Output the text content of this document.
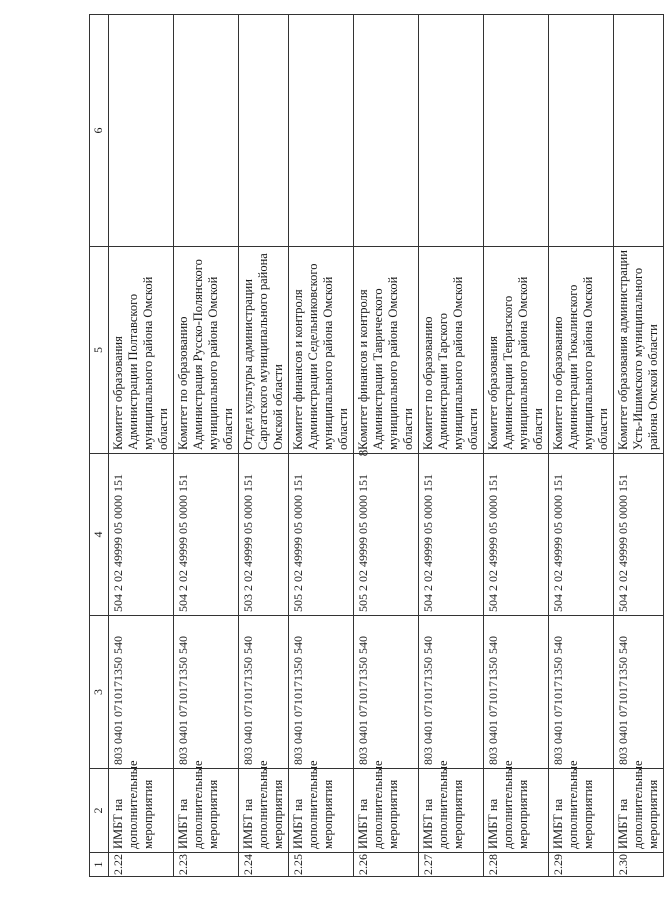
8
1	2	3	4	5	6
2.22	ИМБТ на дополнительные мероприятия	803 0401 0710171350 540	504 2 02 49999 05 0000 151	Комитет образования Администрации Полтавского муниципального района Омской области	
2.23	ИМБТ на дополнительные мероприятия	803 0401 0710171350 540	504 2 02 49999 05 0000 151	Комитет по образованию Администрация Русско-Полянского муниципального района Омской области	
2.24	ИМБТ на дополнительные мероприятия	803 0401 0710171350 540	503 2 02 49999 05 0000 151	Отдел культуры администрации Саргатского муниципального района Омской области	
2.25	ИМБТ на дополнительные мероприятия	803 0401 0710171350 540	505 2 02 49999 05 0000 151	Комитет финансов и контроля Администрации Седельниковского муниципального района Омской области	
2.26	ИМБТ на дополнительные мероприятия	803 0401 0710171350 540	505 2 02 49999 05 0000 151	Комитет финансов и контроля Администрации Таврического муниципального района Омской области	
2.27	ИМБТ на дополнительные мероприятия	803 0401 0710171350 540	504 2 02 49999 05 0000 151	Комитет по образованию Администрации Тарского муниципального района Омской области	
2.28	ИМБТ на дополнительные мероприятия	803 0401 0710171350 540	504 2 02 49999 05 0000 151	Комитет образования Администрации Тевризского муниципального района Омской области	
2.29	ИМБТ на дополнительные мероприятия	803 0401 0710171350 540	504 2 02 49999 05 0000 151	Комитет по образованию Администрации Тюкалинского муниципального района Омской области	
2.30	ИМБТ на дополнительные мероприятия	803 0401 0710171350 540	504 2 02 49999 05 0000 151	Комитет образования администрации Усть-Ишимского муниципального района Омской области	
